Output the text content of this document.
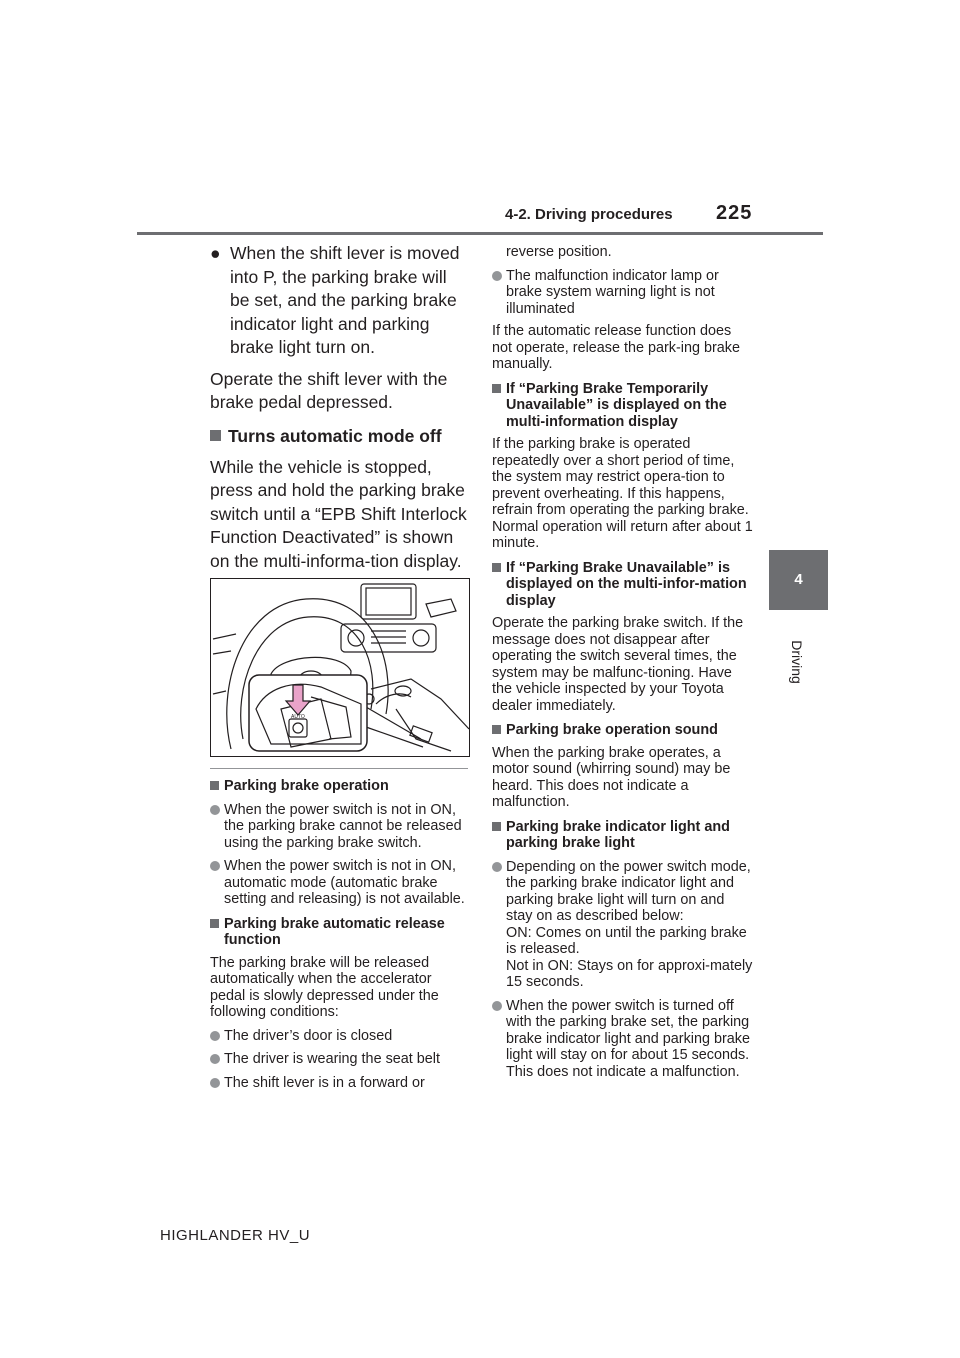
4-2. Driving procedures 225
4
Driving
● When the shift lever is moved into P, the parking brake will be set, and the parking brake indicator light and parking brake light turn on.
Operate the shift lever with the brake pedal depressed.
Turns automatic mode off
While the vehicle is stopped, press and hold the parking brake switch until a “EPB Shift Interlock Function Deactivated” is shown on the multi-informa-tion display.
AUTO
Parking brake operation
When the power switch is not in ON, the parking brake cannot be released using the parking brake switch.
When the power switch is not in ON, automatic mode (automatic brake setting and releasing) is not available.
Parking brake automatic release function
The parking brake will be released automatically when the accelerator pedal is slowly depressed under the following conditions:
The driver’s door is closed
The driver is wearing the seat belt
The shift lever is in a forward or
reverse position.
The malfunction indicator lamp or brake system warning light is not illuminated
If the automatic release function does not operate, release the park-ing brake manually.
If “Parking Brake Temporarily Unavailable” is displayed on the multi-information display
If the parking brake is operated repeatedly over a short period of time, the system may restrict opera-tion to prevent overheating. If this happens, refrain from operating the parking brake. Normal operation will return after about 1 minute.
If “Parking Brake Unavailable” is displayed on the multi-infor-mation display
Operate the parking brake switch. If the message does not disappear after operating the switch several times, the system may be malfunc-tioning. Have the vehicle inspected by your Toyota dealer immediately.
Parking brake operation sound
When the parking brake operates, a motor sound (whirring sound) may be heard. This does not indicate a malfunction.
Parking brake indicator light and parking brake light
Depending on the power switch mode, the parking brake indicator light and parking brake light will turn on and stay on as described below:
ON: Comes on until the parking brake is released.
Not in ON: Stays on for approxi-mately 15 seconds.
When the power switch is turned off with the parking brake set, the parking brake indicator light and parking brake light will stay on for about 15 seconds. This does not indicate a malfunction.
HIGHLANDER HV_U
